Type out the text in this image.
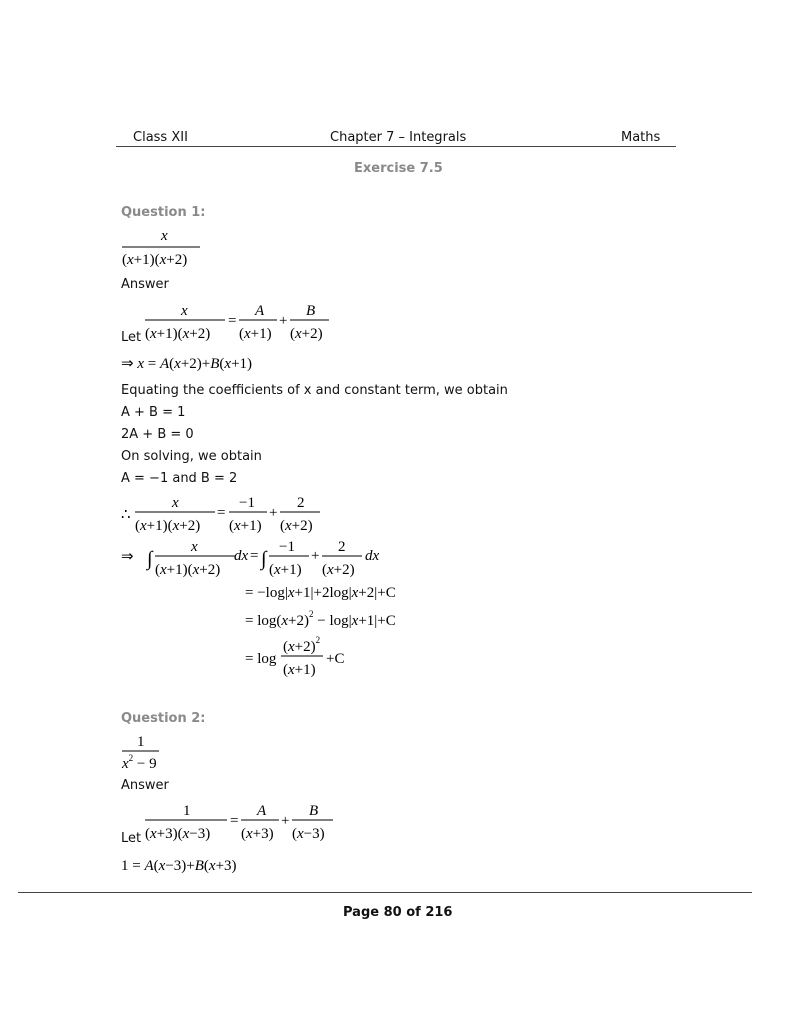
Class XII	Chapter 7 – Integrals	Maths
Exercise 7.5
Question 1:
x
(x+1)(x+2)
Answer
Let
x
(x+1)(x+2)
=
A
(x+1)
+
B
(x+2)
⇒ x = A(x+2)+B(x+1)
Equating the coefficients of x and constant term, we obtain
A + B = 1
2A + B = 0
On solving, we obtain
A = −1 and B = 2
∴
x
(x+1)(x+2)
=
−1
(x+1)
+
2
(x+2)
⇒ ∫
x
(x+1)(x+2)
dx = ∫
−1
(x+1)
+
2
(x+2)
dx
= −log|x+1|+2log|x+2|+C
= $\log(x+2)^2 - \log|x+1|+C$
= log
$(x+2)^2$
(x+1)
+C
Question 2:
1
$x^2 - 9$
Answer
Let
1
(x+3)(x−3)
=
A
(x+3)
+
B
(x−3)
1 = A(x−3)+B(x+3)
Page 80 of 216
